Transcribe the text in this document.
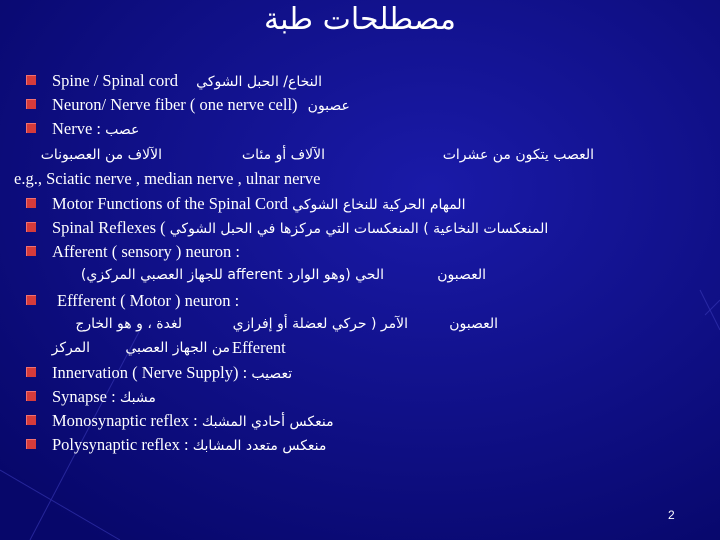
مصطلحات طبة
Spine / Spinal cord النخاع/ الحبل الشوكي
Neuron/ Nerve fiber ( one nerve cell) عصبون
Nerve : عصب
العصب يتكون من عشرات
الآلاف أو مئات
الآلاف من العصبونات
e.g., Sciatic nerve , median nerve , ulnar nerve
Motor Functions of the Spinal Cord المهام الحركية للنخاع الشوكي
Spinal Reflexes ( المنعكسات النخاعية ) المنعكسات التي مركزها في الحبل الشوكي
Afferent ( sensory ) neuron :
العصبون
الحي (وهو الوارد afferent للجهاز العصبي المركزي)
Effferent ( Motor ) neuron :
العصبون
الآمر ( حركي لعضلة أو إفرازي
لغدة ، و هو الخارج
المركز	من الجهاز العصبي Efferent
Innervation ( Nerve Supply) : تعصيب
Synapse : مشبك
Monosynaptic reflex : منعكس أحادي المشبك
Polysynaptic reflex : منعكس متعدد المشابك
2
